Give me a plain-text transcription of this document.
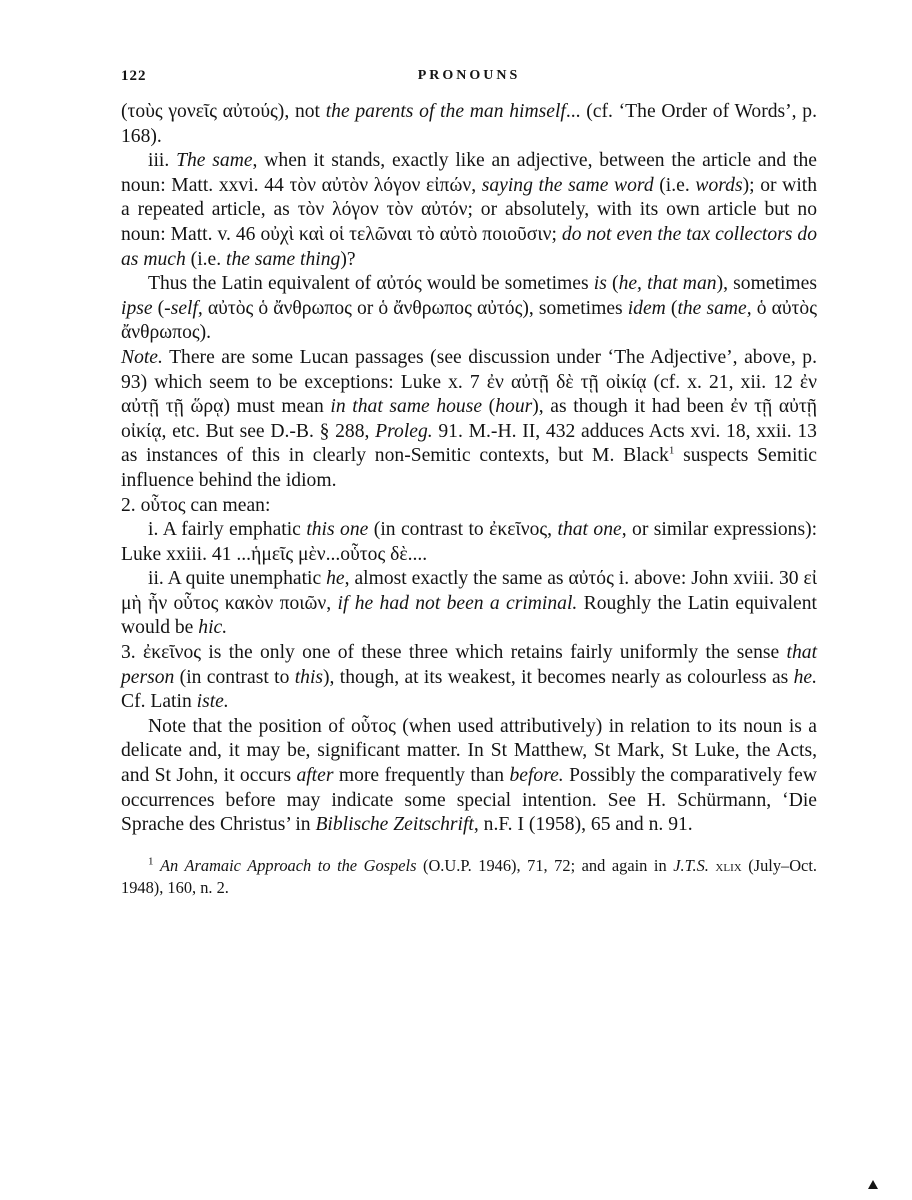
122	PRONOUNS

(τοὺς γονεῖς αὐτούς), not the parents of the man himself... (cf. ‘The Order of Words’, p. 168).

iii. The same, when it stands, exactly like an adjective, between the article and the noun: Matt. xxvi. 44 τὸν αὐτὸν λόγον εἰπών, saying the same word (i.e. words); or with a repeated article, as τὸν λόγον τὸν αὐτόν; or absolutely, with its own article but no noun: Matt. v. 46 οὐχὶ καὶ οἱ τελῶναι τὸ αὐτὸ ποιοῦσιν; do not even the tax collectors do as much (i.e. the same thing)?

Thus the Latin equivalent of αὐτός would be sometimes is (he, that man), sometimes ipse (-self, αὐτὸς ὁ ἄνθρωπος or ὁ ἄνθρωπος αὐτός), sometimes idem (the same, ὁ αὐτὸς ἄνθρωπος).

Note. There are some Lucan passages (see discussion under ‘The Adjective’, above, p. 93) which seem to be exceptions: Luke x. 7 ἐν αὐτῇ δὲ τῇ οἰκίᾳ (cf. x. 21, xii. 12 ἐν αὐτῇ τῇ ὥρᾳ) must mean in that same house (hour), as though it had been ἐν τῇ αὐτῇ οἰκίᾳ, etc. But see D.-B. § 288, Proleg. 91. M.-H. II, 432 adduces Acts xvi. 18, xxii. 13 as instances of this in clearly non-Semitic contexts, but M. Black$^1$ suspects Semitic influence behind the idiom.

2. οὗτος can mean:

i. A fairly emphatic this one (in contrast to ἐκεῖνος, that one, or similar expressions): Luke xxiii. 41 ...ἡμεῖς μὲν...οὗτος δὲ....

ii. A quite unemphatic he, almost exactly the same as αὐτός i. above: John xviii. 30 εἰ μὴ ἦν οὗτος κακὸν ποιῶν, if he had not been a criminal. Roughly the Latin equivalent would be hic.

3. ἐκεῖνος is the only one of these three which retains fairly uniformly the sense that person (in contrast to this), though, at its weakest, it becomes nearly as colourless as he. Cf. Latin iste.

Note that the position of οὗτος (when used attributively) in relation to its noun is a delicate and, it may be, significant matter. In St Matthew, St Mark, St Luke, the Acts, and St John, it occurs after more frequently than before. Possibly the comparatively few occurrences before may indicate some special intention. See H. Schürmann, ‘Die Sprache des Christus’ in Biblische Zeitschrift, n.F. I (1958), 65 and n. 91.

$^1$ An Aramaic Approach to the Gospels (O.U.P. 1946), 71, 72; and again in J.T.S. xlix (July–Oct. 1948), 160, n. 2.
